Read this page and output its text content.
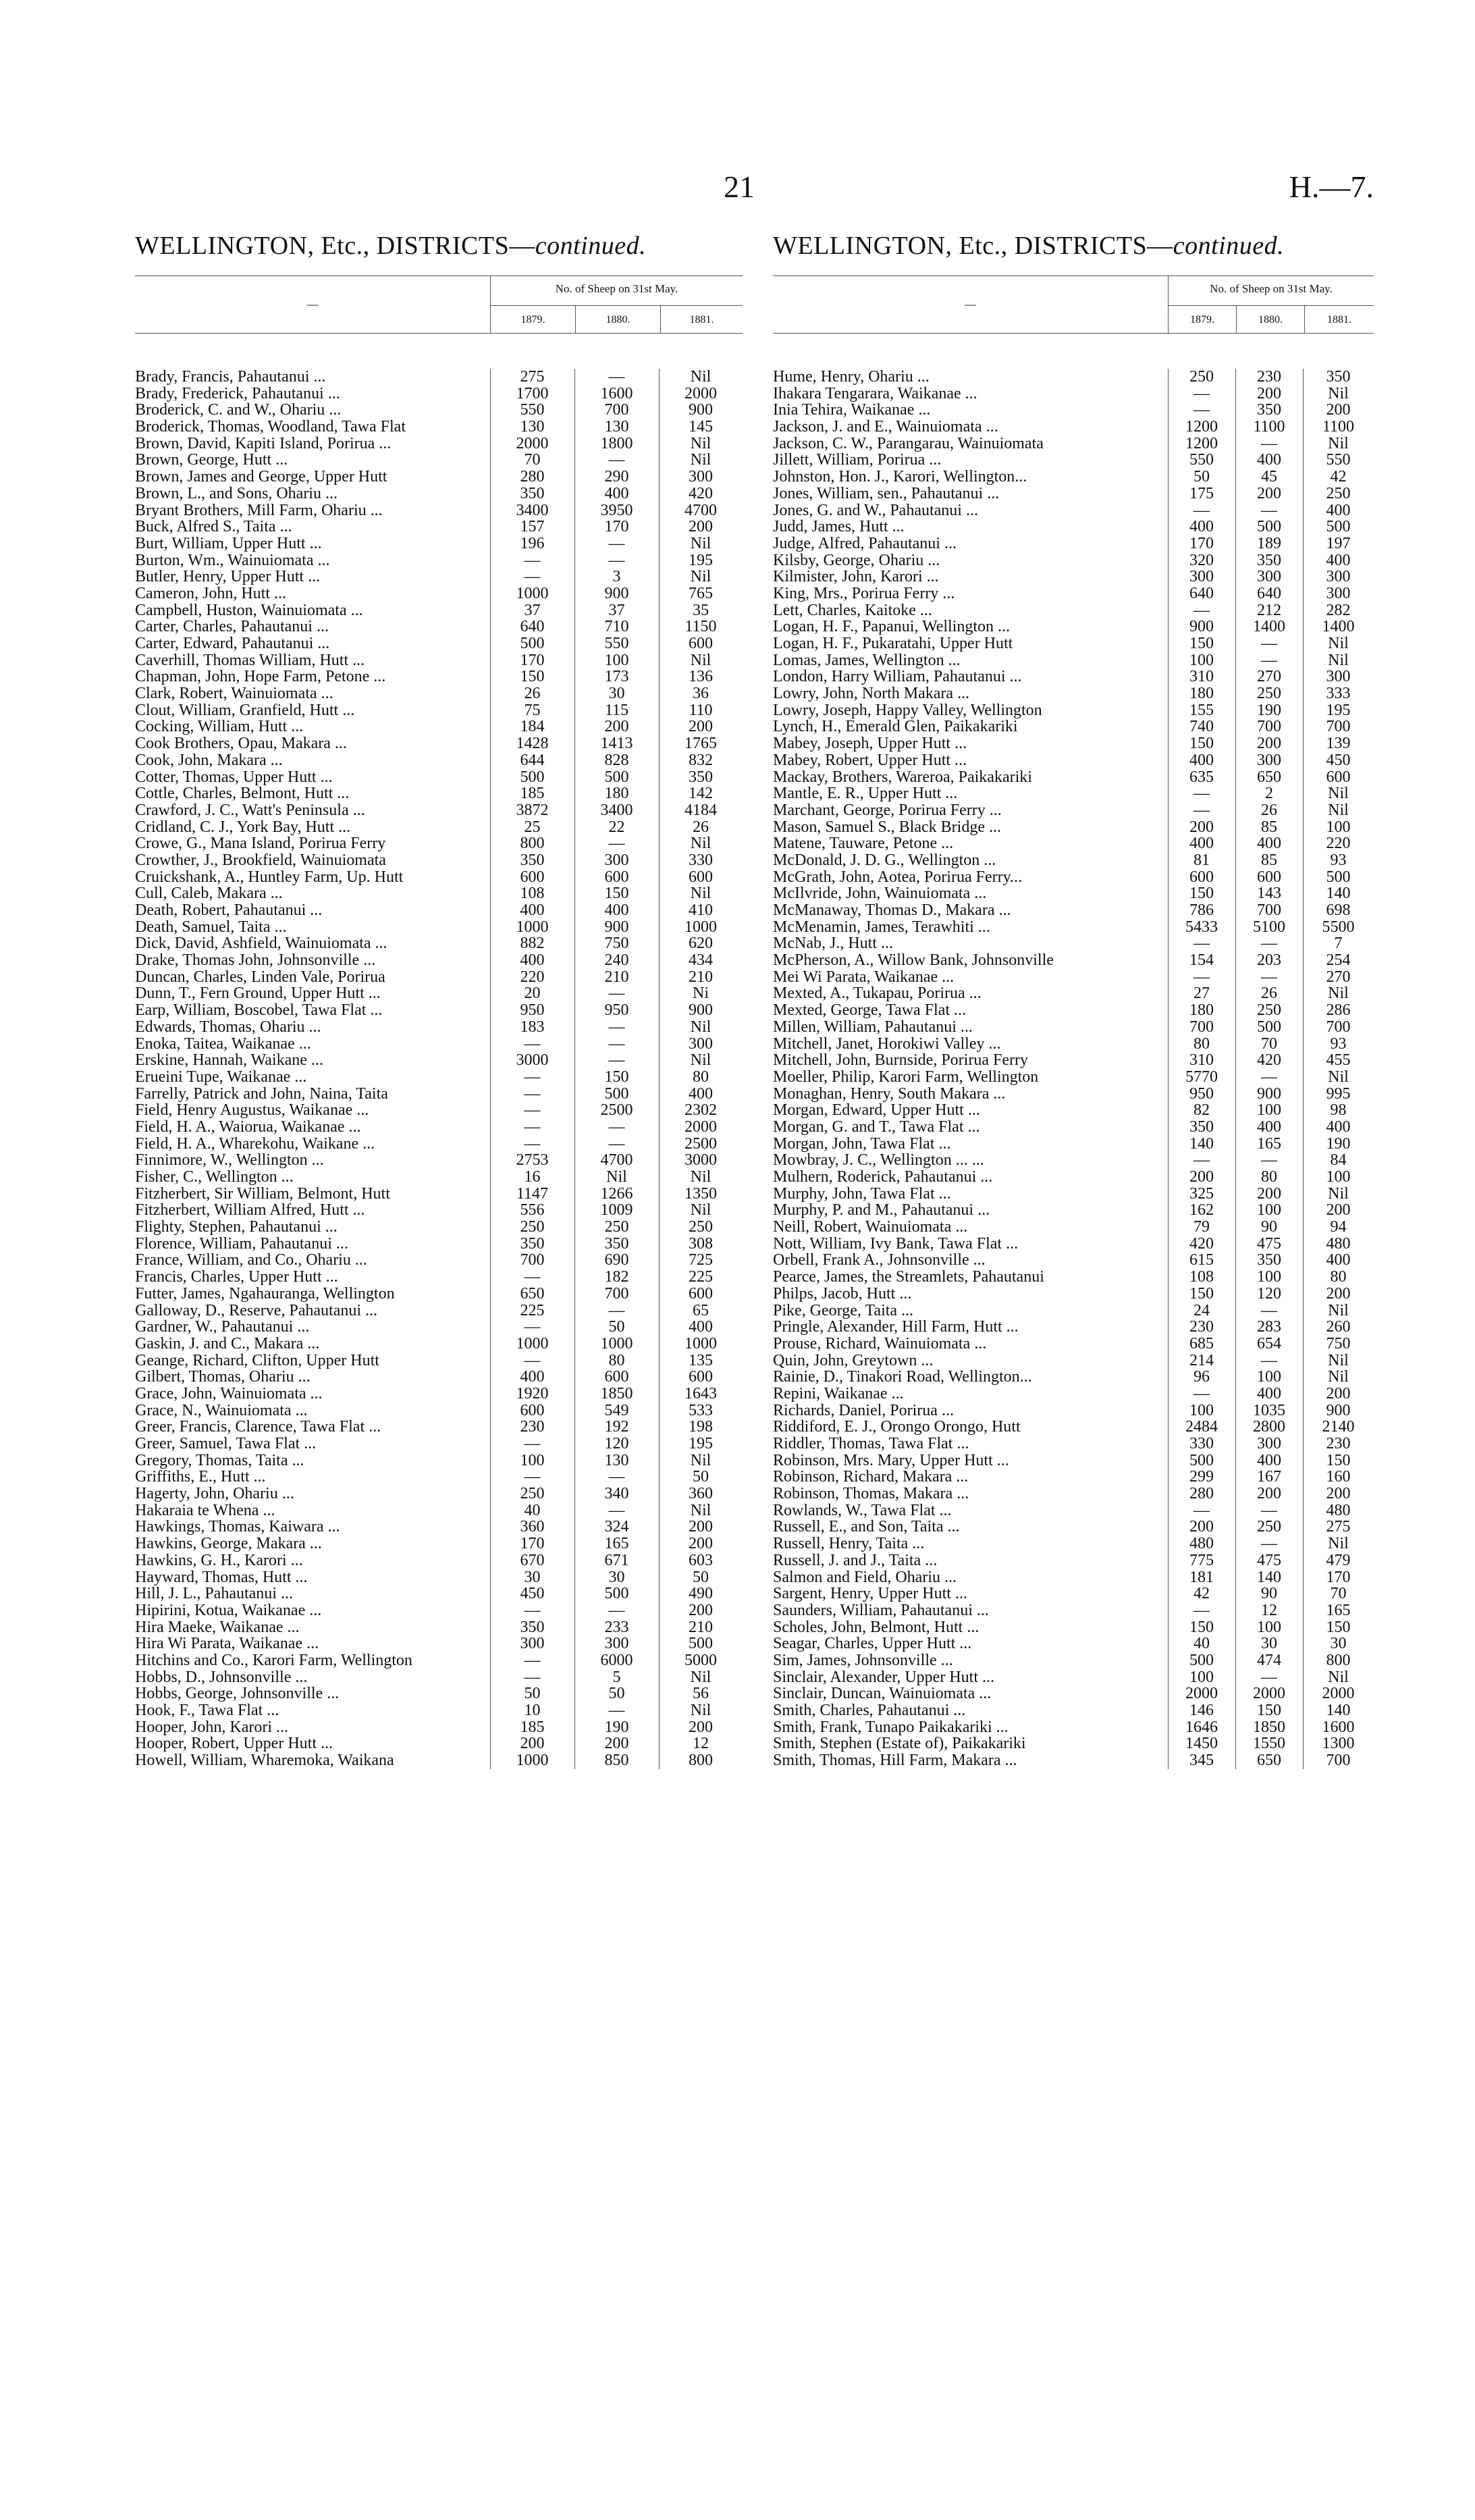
21	H.—7.
WELLINGTON, Etc., DISTRICTS—continued.
—	No. of Sheep on 31st May.		
	1879.	1880.	1881.
Brady, Francis, Pahautanui ...	275	—	Nil
Brady, Frederick, Pahautanui ...	1700	1600	2000
Broderick, C. and W., Ohariu ...	550	700	900
Broderick, Thomas, Woodland, Tawa Flat	130	130	145
Brown, David, Kapiti Island, Porirua ...	2000	1800	Nil
Brown, George, Hutt ...	70	—	Nil
Brown, James and George, Upper Hutt	280	290	300
Brown, L., and Sons, Ohariu ...	350	400	420
Bryant Brothers, Mill Farm, Ohariu ...	3400	3950	4700
Buck, Alfred S., Taita ...	157	170	200
Burt, William, Upper Hutt ...	196	—	Nil
Burton, Wm., Wainuiomata ...	—	—	195
Butler, Henry, Upper Hutt ...	—	3	Nil
Cameron, John, Hutt ...	1000	900	765
Campbell, Huston, Wainuiomata ...	37	37	35
Carter, Charles, Pahautanui ...	640	710	1150
Carter, Edward, Pahautanui ...	500	550	600
Caverhill, Thomas William, Hutt ...	170	100	Nil
Chapman, John, Hope Farm, Petone ...	150	173	136
Clark, Robert, Wainuiomata ...	26	30	36
Clout, William, Granfield, Hutt ...	75	115	110
Cocking, William, Hutt ...	184	200	200
Cook Brothers, Opau, Makara ...	1428	1413	1765
Cook, John, Makara ...	644	828	832
Cotter, Thomas, Upper Hutt ...	500	500	350
Cottle, Charles, Belmont, Hutt ...	185	180	142
Crawford, J. C., Watt's Peninsula ...	3872	3400	4184
Cridland, C. J., York Bay, Hutt ...	25	22	26
Crowe, G., Mana Island, Porirua Ferry	800	—	Nil
Crowther, J., Brookfield, Wainuiomata	350	300	330
Cruickshank, A., Huntley Farm, Up. Hutt	600	600	600
Cull, Caleb, Makara ...	108	150	Nil
Death, Robert, Pahautanui ...	400	400	410
Death, Samuel, Taita ...	1000	900	1000
Dick, David, Ashfield, Wainuiomata ...	882	750	620
Drake, Thomas John, Johnsonville ...	400	240	434
Duncan, Charles, Linden Vale, Porirua	220	210	210
Dunn, T., Fern Ground, Upper Hutt ...	20	—	Ni
Earp, William, Boscobel, Tawa Flat ...	950	950	900
Edwards, Thomas, Ohariu ...	183	—	Nil
Enoka, Taitea, Waikanae ...	—	—	300
Erskine, Hannah, Waikane ...	3000	—	Nil
Erueini Tupe, Waikanae ...	—	150	80
Farrelly, Patrick and John, Naina, Taita	—	500	400
Field, Henry Augustus, Waikanae ...	—	2500	2302
Field, H. A., Waiorua, Waikanae ...	—	—	2000
Field, H. A., Wharekohu, Waikane ...	—	—	2500
Finnimore, W., Wellington ...	2753	4700	3000
Fisher, C., Wellington ...	16	Nil	Nil
Fitzherbert, Sir William, Belmont, Hutt	1147	1266	1350
Fitzherbert, William Alfred, Hutt ...	556	1009	Nil
Flighty, Stephen, Pahautanui ...	250	250	250
Florence, William, Pahautanui ...	350	350	308
France, William, and Co., Ohariu ...	700	690	725
Francis, Charles, Upper Hutt ...	—	182	225
Futter, James, Ngahauranga, Wellington	650	700	600
Galloway, D., Reserve, Pahautanui ...	225	—	65
Gardner, W., Pahautanui ...	—	50	400
Gaskin, J. and C., Makara ...	1000	1000	1000
Geange, Richard, Clifton, Upper Hutt	—	80	135
Gilbert, Thomas, Ohariu ...	400	600	600
Grace, John, Wainuiomata ...	1920	1850	1643
Grace, N., Wainuiomata ...	600	549	533
Greer, Francis, Clarence, Tawa Flat ...	230	192	198
Greer, Samuel, Tawa Flat ...	—	120	195
Gregory, Thomas, Taita ...	100	130	Nil
Griffiths, E., Hutt ...	—	—	50
Hagerty, John, Ohariu ...	250	340	360
Hakaraia te Whena ...	40	—	Nil
Hawkings, Thomas, Kaiwara ...	360	324	200
Hawkins, George, Makara ...	170	165	200
Hawkins, G. H., Karori ...	670	671	603
Hayward, Thomas, Hutt ...	30	30	50
Hill, J. L., Pahautanui ...	450	500	490
Hipirini, Kotua, Waikanae ...	—	—	200
Hira Maeke, Waikanae ...	350	233	210
Hira Wi Parata, Waikanae ...	300	300	500
Hitchins and Co., Karori Farm, Wellington	—	6000	5000
Hobbs, D., Johnsonville ...	—	5	Nil
Hobbs, George, Johnsonville ...	50	50	56
Hook, F., Tawa Flat ...	10	—	Nil
Hooper, John, Karori ...	185	190	200
Hooper, Robert, Upper Hutt ...	200	200	12
Howell, William, Wharemoka, Waikana	1000	850	800
WELLINGTON, Etc., DISTRICTS—continued.
—	No. of Sheep on 31st May.		
	1879.	1880.	1881.
Hume, Henry, Ohariu ...	250	230	350
Ihakara Tengarara, Waikanae ...	—	200	Nil
Inia Tehira, Waikanae ...	—	350	200
Jackson, J. and E., Wainuiomata ...	1200	1100	1100
Jackson, C. W., Parangarau, Wainuiomata	1200	—	Nil
Jillett, William, Porirua ...	550	400	550
Johnston, Hon. J., Karori, Wellington...	50	45	42
Jones, William, sen., Pahautanui ...	175	200	250
Jones, G. and W., Pahautanui ...	—	—	400
Judd, James, Hutt ...	400	500	500
Judge, Alfred, Pahautanui ...	170	189	197
Kilsby, George, Ohariu ...	320	350	400
Kilmister, John, Karori ...	300	300	300
King, Mrs., Porirua Ferry ...	640	640	300
Lett, Charles, Kaitoke ...	—	212	282
Logan, H. F., Papanui, Wellington ...	900	1400	1400
Logan, H. F., Pukaratahi, Upper Hutt	150	—	Nil
Lomas, James, Wellington ...	100	—	Nil
London, Harry William, Pahautanui ...	310	270	300
Lowry, John, North Makara ...	180	250	333
Lowry, Joseph, Happy Valley, Wellington	155	190	195
Lynch, H., Emerald Glen, Paikakariki	740	700	700
Mabey, Joseph, Upper Hutt ...	150	200	139
Mabey, Robert, Upper Hutt ...	400	300	450
Mackay, Brothers, Wareroa, Paikakariki	635	650	600
Mantle, E. R., Upper Hutt ...	—	2	Nil
Marchant, George, Porirua Ferry ...	—	26	Nil
Mason, Samuel S., Black Bridge ...	200	85	100
Matene, Tauware, Petone ...	400	400	220
McDonald, J. D. G., Wellington ...	81	85	93
McGrath, John, Aotea, Porirua Ferry...	600	600	500
McIlvride, John, Wainuiomata ...	150	143	140
McManaway, Thomas D., Makara ...	786	700	698
McMenamin, James, Terawhiti ...	5433	5100	5500
McNab, J., Hutt ...	—	—	7
McPherson, A., Willow Bank, Johnsonville	154	203	254
Mei Wi Parata, Waikanae ...	—	—	270
Mexted, A., Tukapau, Porirua ...	27	26	Nil
Mexted, George, Tawa Flat ...	180	250	286
Millen, William, Pahautanui ...	700	500	700
Mitchell, Janet, Horokiwi Valley ...	80	70	93
Mitchell, John, Burnside, Porirua Ferry	310	420	455
Moeller, Philip, Karori Farm, Wellington	5770	—	Nil
Monaghan, Henry, South Makara ...	950	900	995
Morgan, Edward, Upper Hutt ...	82	100	98
Morgan, G. and T., Tawa Flat ...	350	400	400
Morgan, John, Tawa Flat ...	140	165	190
Mowbray, J. C., Wellington ... ...	—	—	84
Mulhern, Roderick, Pahautanui ...	200	80	100
Murphy, John, Tawa Flat ...	325	200	Nil
Murphy, P. and M., Pahautanui ...	162	100	200
Neill, Robert, Wainuiomata ...	79	90	94
Nott, William, Ivy Bank, Tawa Flat ...	420	475	480
Orbell, Frank A., Johnsonville ...	615	350	400
Pearce, James, the Streamlets, Pahautanui	108	100	80
Philps, Jacob, Hutt ...	150	120	200
Pike, George, Taita ...	24	—	Nil
Pringle, Alexander, Hill Farm, Hutt ...	230	283	260
Prouse, Richard, Wainuiomata ...	685	654	750
Quin, John, Greytown ...	214	—	Nil
Rainie, D., Tinakori Road, Wellington...	96	100	Nil
Repini, Waikanae ...	—	400	200
Richards, Daniel, Porirua ...	100	1035	900
Riddiford, E. J., Orongo Orongo, Hutt	2484	2800	2140
Riddler, Thomas, Tawa Flat ...	330	300	230
Robinson, Mrs. Mary, Upper Hutt ...	500	400	150
Robinson, Richard, Makara ...	299	167	160
Robinson, Thomas, Makara ...	280	200	200
Rowlands, W., Tawa Flat ...	—	—	480
Russell, E., and Son, Taita ...	200	250	275
Russell, Henry, Taita ...	480	—	Nil
Russell, J. and J., Taita ...	775	475	479
Salmon and Field, Ohariu ...	181	140	170
Sargent, Henry, Upper Hutt ...	42	90	70
Saunders, William, Pahautanui ...	—	12	165
Scholes, John, Belmont, Hutt ...	150	100	150
Seagar, Charles, Upper Hutt ...	40	30	30
Sim, James, Johnsonville ...	500	474	800
Sinclair, Alexander, Upper Hutt ...	100	—	Nil
Sinclair, Duncan, Wainuiomata ...	2000	2000	2000
Smith, Charles, Pahautanui ...	146	150	140
Smith, Frank, Tunapo Paikakariki ...	1646	1850	1600
Smith, Stephen (Estate of), Paikakariki	1450	1550	1300
Smith, Thomas, Hill Farm, Makara ...	345	650	700
